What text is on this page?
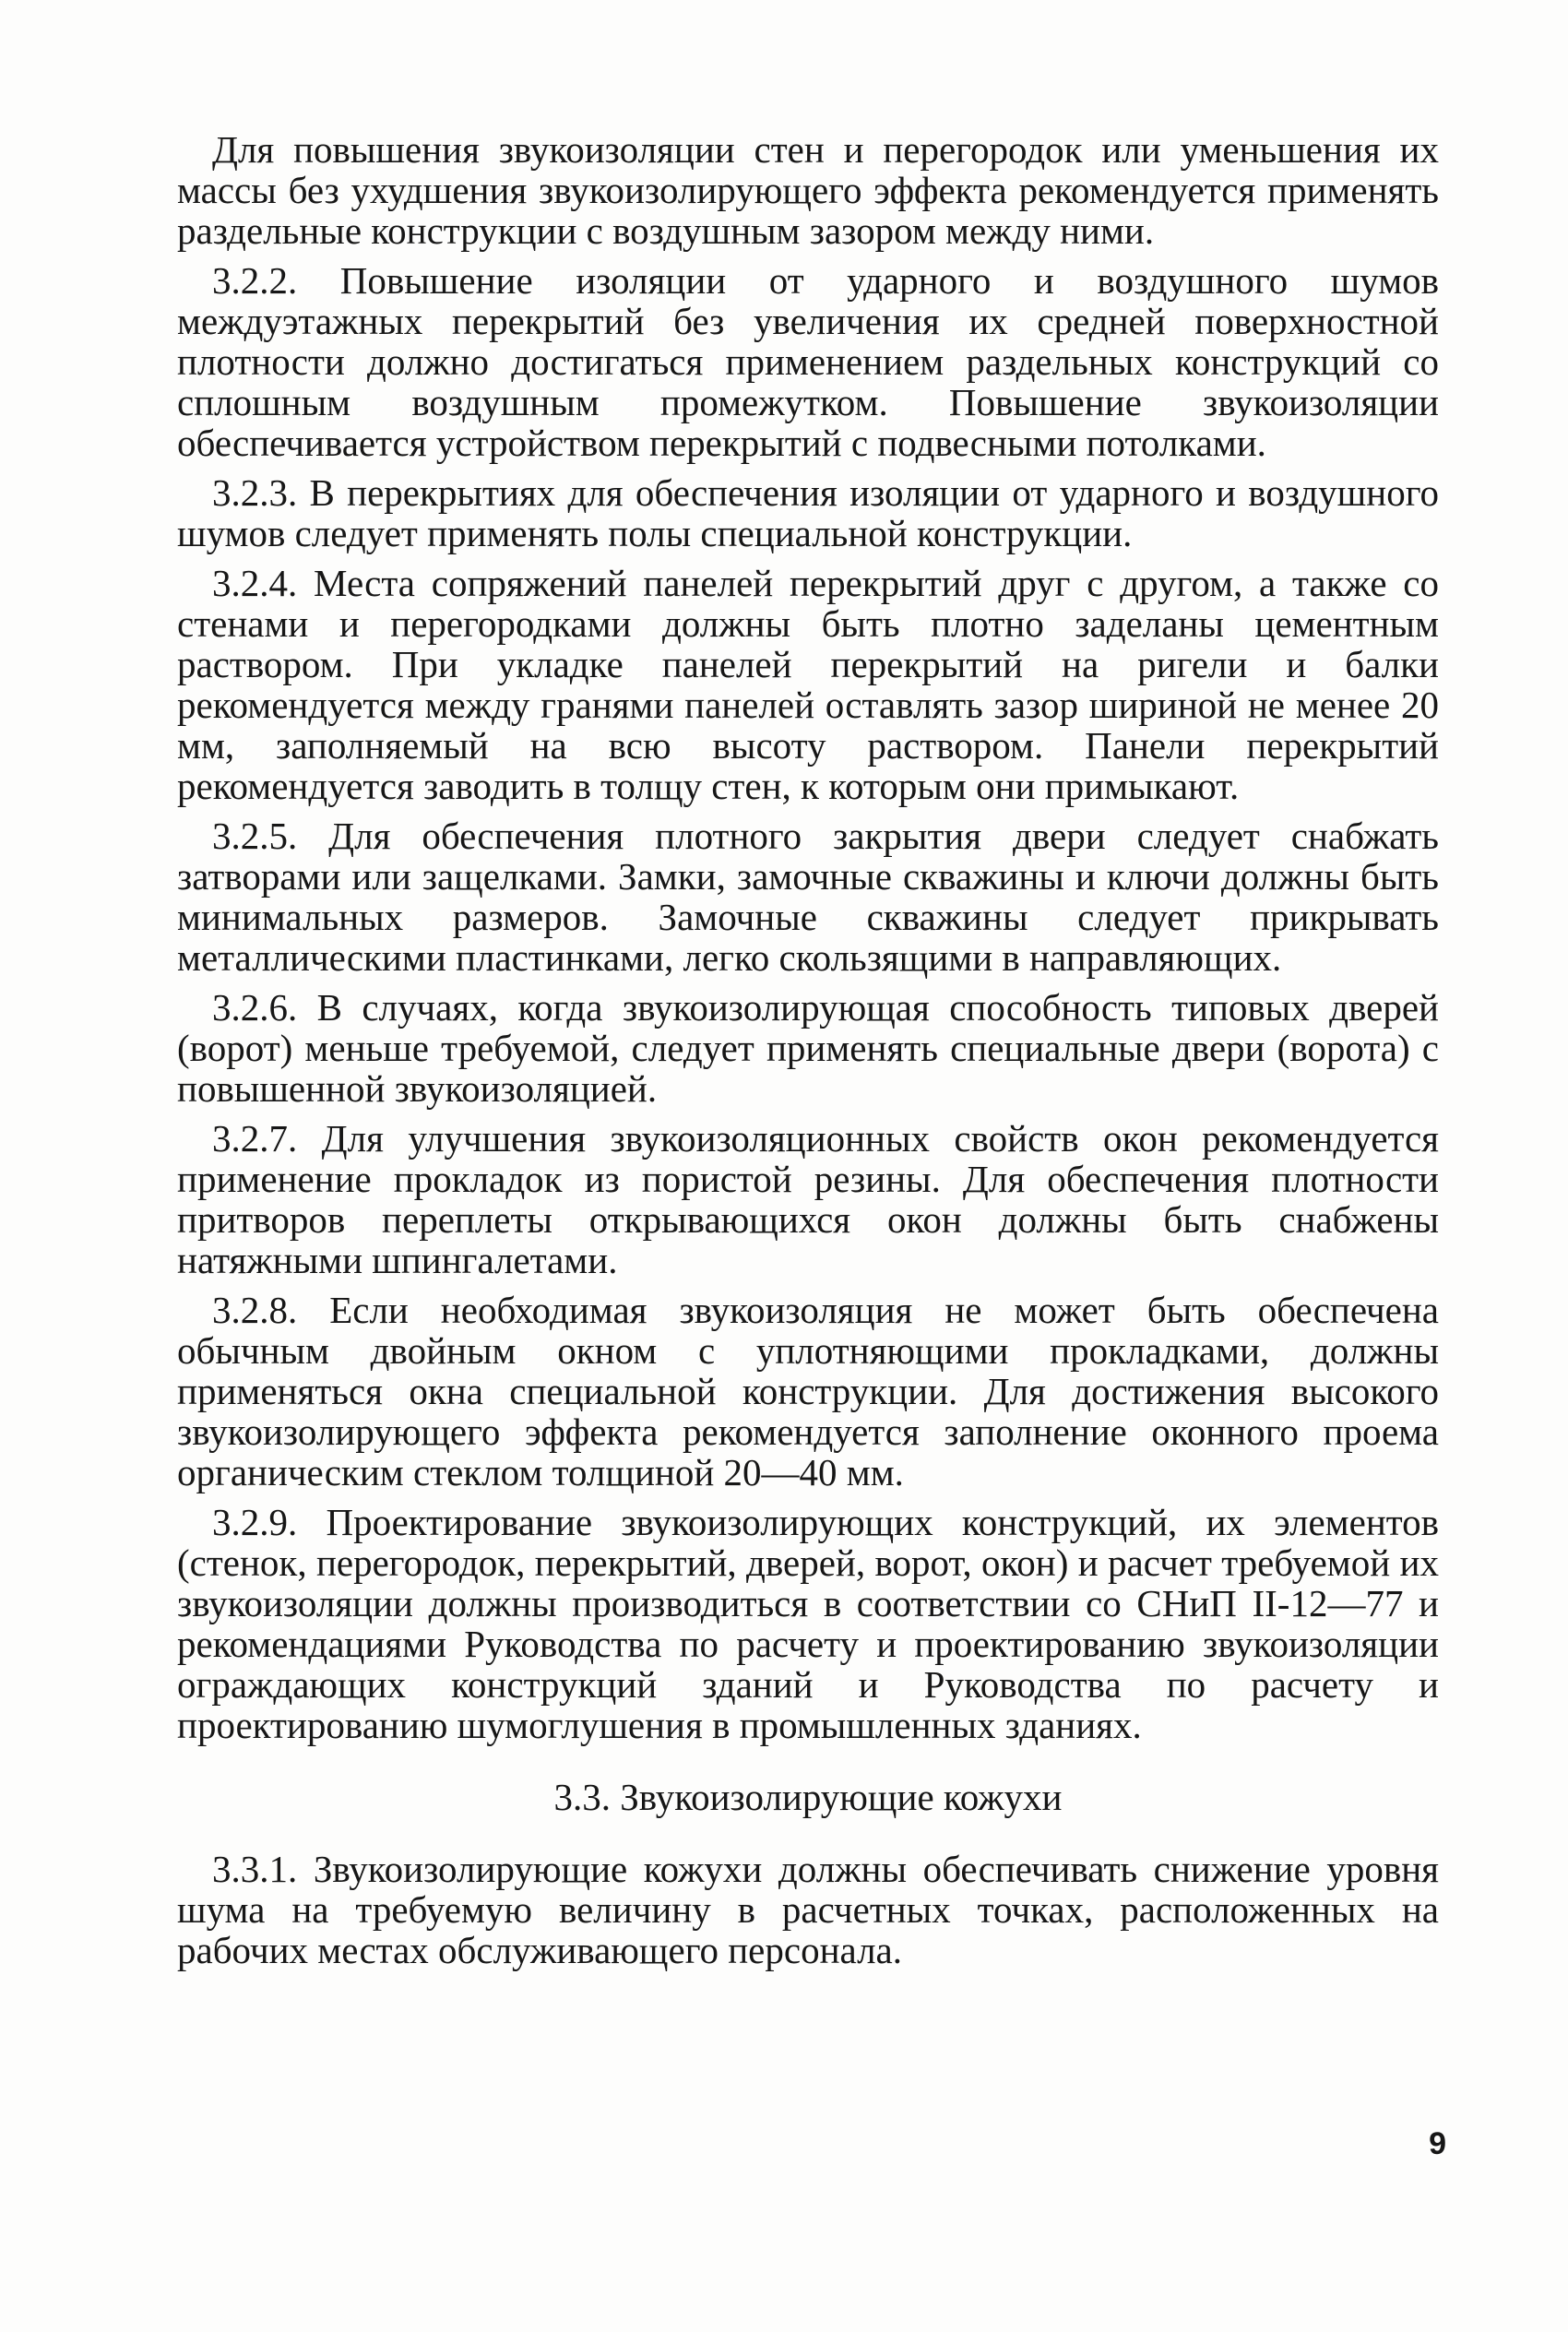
Для повышения звукоизоляции стен и перегородок или уменьшения их массы без ухудшения звукоизолирующего эффекта рекомендуется применять раздельные конструкции с воздушным зазором между ними.

3.2.2. Повышение изоляции от ударного и воздушного шумов междуэтажных перекрытий без увеличения их средней поверхностной плотности должно достигаться применением раздельных конструкций со сплошным воздушным промежутком. Повышение звукоизоляции обеспечивается устройством перекрытий с подвесными потолками.

3.2.3. В перекрытиях для обеспечения изоляции от ударного и воздушного шумов следует применять полы специальной конструкции.

3.2.4. Места сопряжений панелей перекрытий друг с другом, а также со стенами и перегородками должны быть плотно заделаны цементным раствором. При укладке панелей перекрытий на ригели и балки рекомендуется между гранями панелей оставлять зазор шириной не менее 20 мм, заполняемый на всю высоту раствором. Панели перекрытий рекомендуется заводить в толщу стен, к которым они примыкают.

3.2.5. Для обеспечения плотного закрытия двери следует снабжать затворами или защелками. Замки, замочные скважины и ключи должны быть минимальных размеров. Замочные скважины следует прикрывать металлическими пластинками, легко скользящими в направляющих.

3.2.6. В случаях, когда звукоизолирующая способность типовых дверей (ворот) меньше требуемой, следует применять специальные двери (ворота) с повышенной звукоизоляцией.

3.2.7. Для улучшения звукоизоляционных свойств окон рекомендуется применение прокладок из пористой резины. Для обеспечения плотности притворов переплеты открывающихся окон должны быть снабжены натяжными шпингалетами.

3.2.8. Если необходимая звукоизоляция не может быть обеспечена обычным двойным окном с уплотняющими прокладками, должны применяться окна специальной конструкции. Для достижения высокого звукоизолирующего эффекта рекомендуется заполнение оконного проема органическим стеклом толщиной 20—40 мм.

3.2.9. Проектирование звукоизолирующих конструкций, их элементов (стенок, перегородок, перекрытий, дверей, ворот, окон) и расчет требуемой их звукоизоляции должны производиться в соответствии со СНиП II-12—77 и рекомендациями Руководства по расчету и проектированию звукоизоляции ограждающих конструкций зданий и Руководства по расчету и проектированию шумоглушения в промышленных зданиях.

3.3. Звукоизолирующие кожухи

3.3.1. Звукоизолирующие кожухи должны обеспечивать снижение уровня шума на требуемую величину в расчетных точках, расположенных на рабочих местах обслуживающего персонала.

9
